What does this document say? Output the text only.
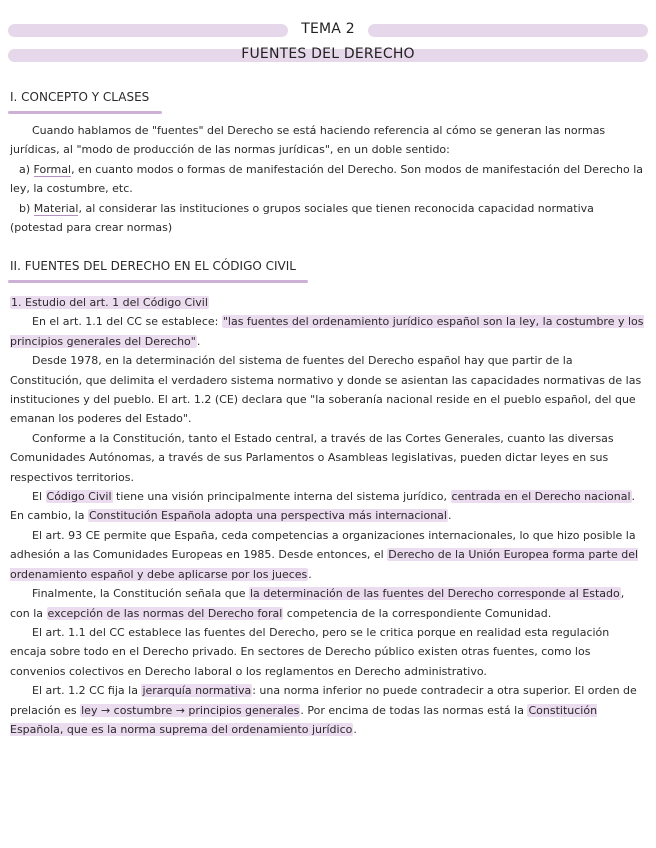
TEMA 2
FUENTES DEL DERECHO
I. CONCEPTO Y CLASES

Cuando hablamos de "fuentes" del Derecho se está haciendo referencia al cómo se generan las normas jurídicas, al "modo de producción de las normas jurídicas", en un doble sentido:

a) Formal, en cuanto modos o formas de manifestación del Derecho. Son modos de manifestación del Derecho la ley, la costumbre, etc.

b) Material, al considerar las instituciones o grupos sociales que tienen reconocida capacidad normativa (potestad para crear normas)

II. FUENTES DEL DERECHO EN EL CÓDIGO CIVIL

1. Estudio del art. 1 del Código Civil

En el art. 1.1 del CC se establece: "las fuentes del ordenamiento jurídico español son la ley, la costumbre y los principios generales del Derecho".

Desde 1978, en la determinación del sistema de fuentes del Derecho español hay que partir de la Constitución, que delimita el verdadero sistema normativo y donde se asientan las capacidades normativas de las instituciones y del pueblo. El art. 1.2 (CE) declara que "la soberanía nacional reside en el pueblo español, del que emanan los poderes del Estado".

Conforme a la Constitución, tanto el Estado central, a través de las Cortes Generales, cuanto las diversas Comunidades Autónomas, a través de sus Parlamentos o Asambleas legislativas, pueden dictar leyes en sus respectivos territorios.

El Código Civil tiene una visión principalmente interna del sistema jurídico, centrada en el Derecho nacional. En cambio, la Constitución Española adopta una perspectiva más internacional.

El art. 93 CE permite que España, ceda competencias a organizaciones internacionales, lo que hizo posible la adhesión a las Comunidades Europeas en 1985. Desde entonces, el Derecho de la Unión Europea forma parte del ordenamiento español y debe aplicarse por los jueces.

Finalmente, la Constitución señala que la determinación de las fuentes del Derecho corresponde al Estado, con la excepción de las normas del Derecho foral competencia de la correspondiente Comunidad.

El art. 1.1 del CC establece las fuentes del Derecho, pero se le critica porque en realidad esta regulación encaja sobre todo en el Derecho privado. En sectores de Derecho público existen otras fuentes, como los convenios colectivos en Derecho laboral o los reglamentos en Derecho administrativo.

El art. 1.2 CC fija la jerarquía normativa: una norma inferior no puede contradecir a otra superior. El orden de prelación es ley → costumbre → principios generales. Por encima de todas las normas está la Constitución Española, que es la norma suprema del ordenamiento jurídico.
